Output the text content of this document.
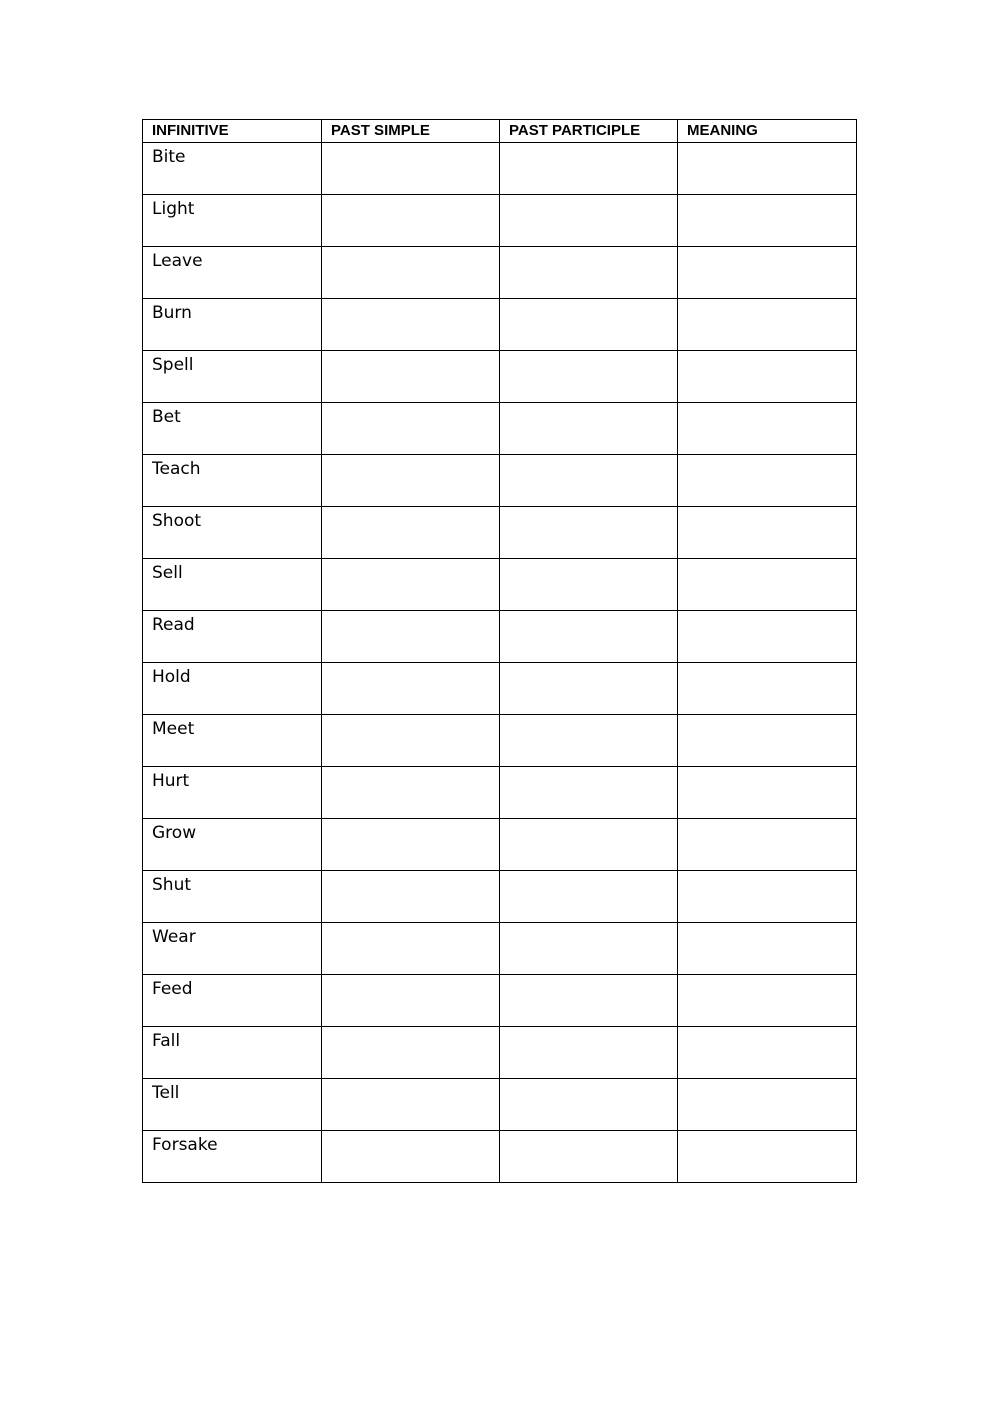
INFINITIVE	PAST SIMPLE	PAST PARTICIPLE	MEANING
Bite			
Light			
Leave			
Burn			
Spell			
Bet			
Teach			
Shoot			
Sell			
Read			
Hold			
Meet			
Hurt			
Grow			
Shut			
Wear			
Feed			
Fall			
Tell			
Forsake			
